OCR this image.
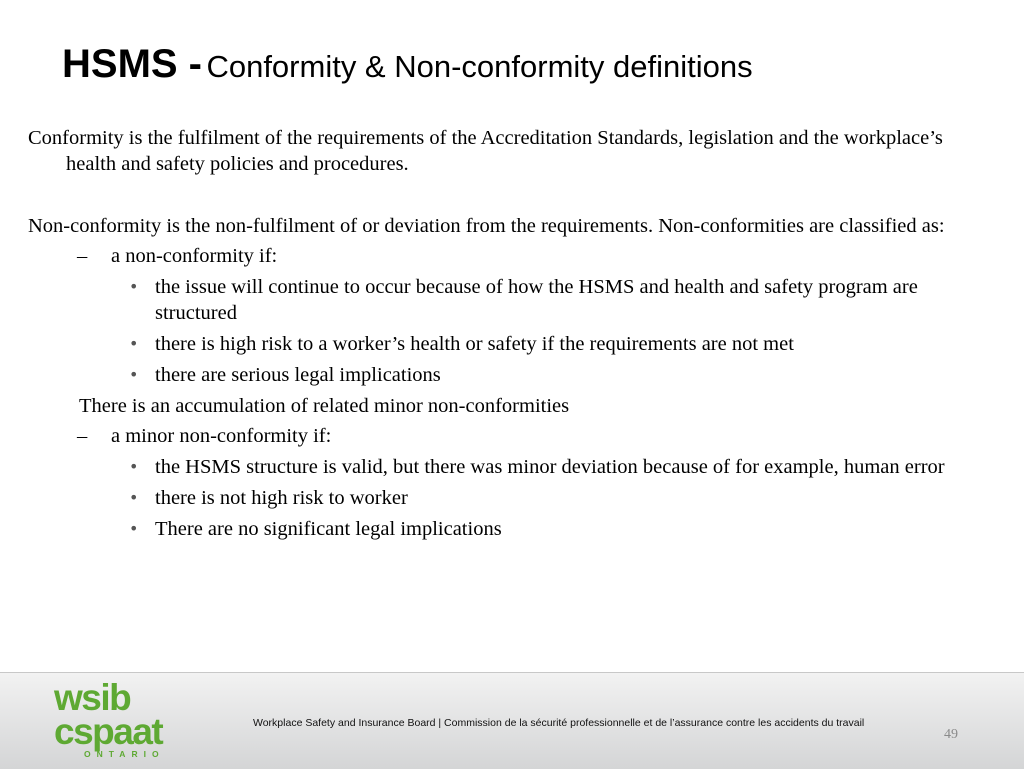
HSMS - Conformity & Non-conformity definitions

Conformity is the fulfilment of the requirements of the Accreditation Standards, legislation and the workplace’s health and safety policies and procedures.

Non-conformity is the non-fulfilment of or deviation from the requirements. Non-conformities are classified as:

– a non-conformity if:

• the issue will continue to occur because of how the HSMS and health and safety program are structured

• there is high risk to a worker’s health or safety if the requirements are not met

• there are serious legal implications

There is an accumulation of related minor non-conformities

– a minor non-conformity if:

• the HSMS structure is valid, but there was minor deviation because of for example, human error

• there is not high risk to worker

• There are no significant legal implications

wsib
cspaat
ONTARIO
Workplace Safety and Insurance Board | Commission de la sécurité professionnelle et de l’assurance contre les accidents du travail
49
